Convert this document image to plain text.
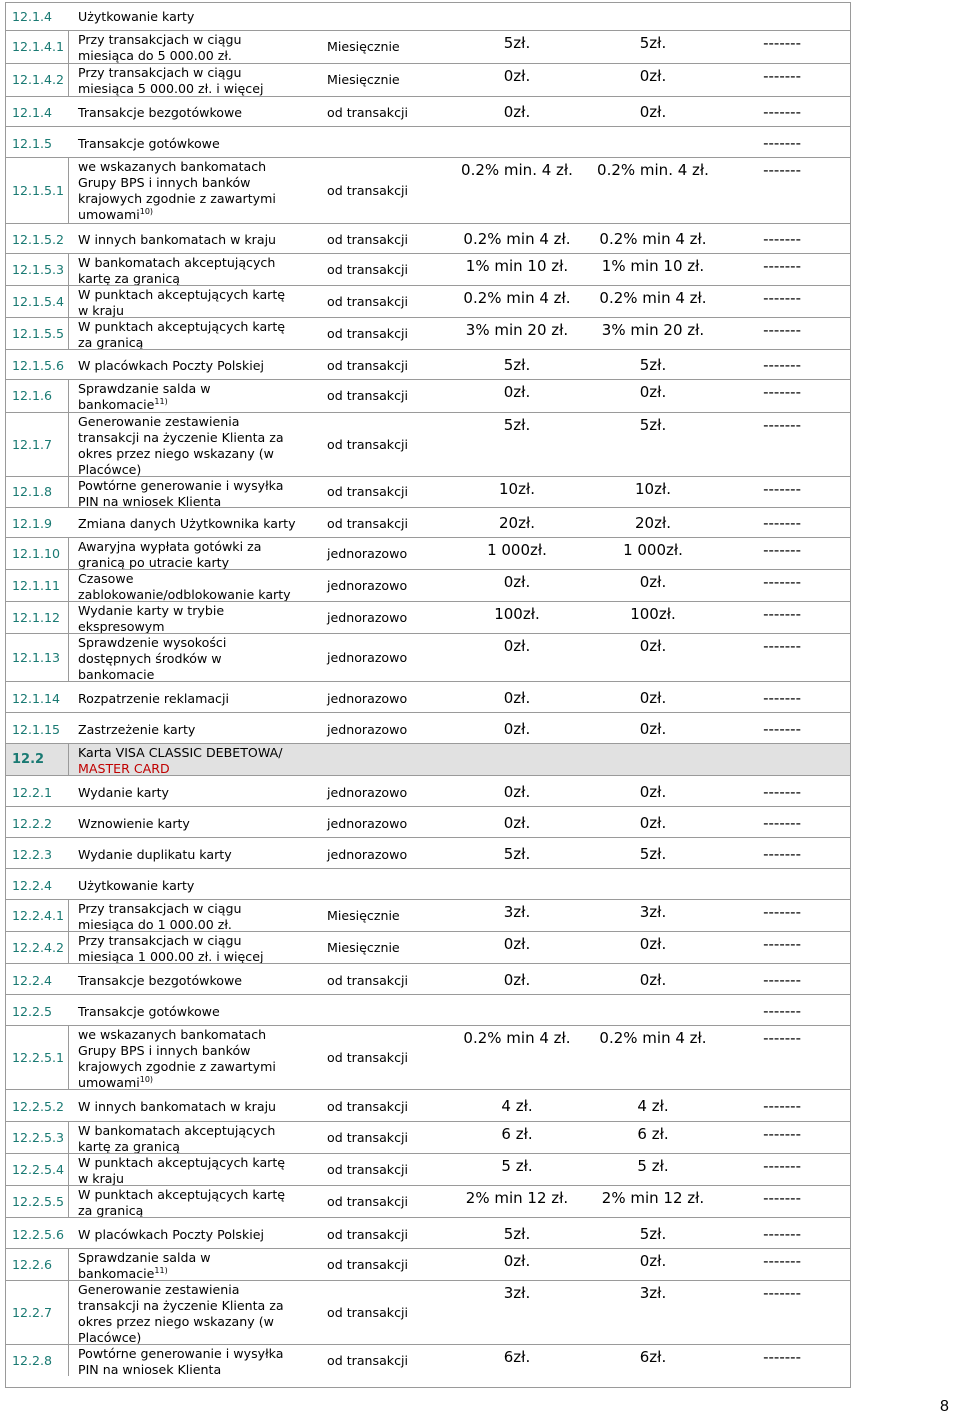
12.1.4 Użytkowanie karty
12.1.4.1 Przy transakcjach w ciągu
miesiąca do 5 000.00 zł.
Miesięcznie	5zł.	5zł.	-------
12.1.4.2 Przy transakcjach w ciągu
miesiąca 5 000.00 zł. i więcej
Miesięcznie	0zł.	0zł.	-------
12.1.4 Transakcje bezgotówkowe	od transakcji	0zł.	0zł.	-------
12.1.5 Transakcje gotówkowe	-------
12.1.5.1
we wskazanych bankomatach
Grupy BPS i innych banków
krajowych zgodnie z zawartymi
umowami$^{10)}$
od transakcji
0.2% min. 4 zł.	0.2% min. 4 zł.	-------
12.1.5.2 W innych bankomatach w kraju	od transakcji	0.2% min 4 zł.	0.2% min 4 zł.	-------
12.1.5.3 W bankomatach akceptujących
kartę za granicą
od transakcji	1% min 10 zł.	1% min 10 zł.	-------
12.1.5.4 W punktach akceptujących kartę
w kraju
od transakcji	0.2% min 4 zł.	0.2% min 4 zł.	-------
12.1.5.5 W punktach akceptujących kartę
za granicą
od transakcji	3% min 20 zł.	3% min 20 zł.	-------
12.1.5.6 W placówkach Poczty Polskiej	od transakcji	5zł.	5zł.	-------
12.1.6 Sprawdzanie salda w
bankomacie$^{11)}$	od transakcji	0zł.	0zł.	-------
12.1.7
Generowanie zestawienia
transakcji na życzenie Klienta za
okres przez niego wskazany (w
Placówce)
od transakcji
5zł.	5zł.	-------
12.1.8 Powtórne generowanie i wysyłka
PIN na wniosek Klienta
od transakcji	10zł.	10zł.	-------
12.1.9 Zmiana danych Użytkownika karty od transakcji	20zł.	20zł.	-------
12.1.10 Awaryjna wypłata gotówki za
granicą po utracie karty
jednorazowo	1 000zł.	1 000zł.	-------
12.1.11 Czasowe
zablokowanie/odblokowanie karty
jednorazowo	0zł.	0zł.	-------
12.1.12 Wydanie karty w trybie
ekspresowym
jednorazowo	100zł.	100zł.	-------
12.1.13
Sprawdzenie wysokości
dostępnych środków w
bankomacie
jednorazowo
0zł.	0zł.	-------
12.1.14 Rozpatrzenie reklamacji	jednorazowo	0zł.	0zł.	-------
12.1.15 Zastrzeżenie karty	jednorazowo	0zł.	0zł.	-------
12.2	Karta VISA CLASSIC DEBETOWA/
MASTER CARD
12.2.1 Wydanie karty	jednorazowo	0zł.	0zł.	-------
12.2.2 Wznowienie karty	jednorazowo	0zł.	0zł.	-------
12.2.3 Wydanie duplikatu karty	jednorazowo	5zł.	5zł.	-------
12.2.4 Użytkowanie karty
12.2.4.1 Przy transakcjach w ciągu
miesiąca do 1 000.00 zł.
Miesięcznie	3zł.	3zł.	-------
12.2.4.2 Przy transakcjach w ciągu
miesiąca 1 000.00 zł. i więcej
Miesięcznie	0zł.	0zł.	-------
12.2.4 Transakcje bezgotówkowe	od transakcji	0zł.	0zł.	-------
12.2.5 Transakcje gotówkowe	-------
12.2.5.1
we wskazanych bankomatach
Grupy BPS i innych banków
krajowych zgodnie z zawartymi
umowami$^{10)}$
od transakcji
0.2% min 4 zł.	0.2% min 4 zł.	-------
12.2.5.2 W innych bankomatach w kraju	od transakcji	4 zł.	4 zł.	-------
12.2.5.3 W bankomatach akceptujących
kartę za granicą
od transakcji	6 zł.	6 zł.	-------
12.2.5.4 W punktach akceptujących kartę
w kraju
od transakcji	5 zł.	5 zł.	-------
12.2.5.5 W punktach akceptujących kartę
za granicą
od transakcji	2% min 12 zł.	2% min 12 zł.	-------
12.2.5.6 W placówkach Poczty Polskiej	od transakcji	5zł.	5zł.	-------
12.2.6 Sprawdzanie salda w
bankomacie$^{11)}$	od transakcji	0zł.	0zł.	-------
12.2.7
Generowanie zestawienia
transakcji na życzenie Klienta za
okres przez niego wskazany (w
Placówce)
od transakcji
3zł.	3zł.	-------
12.2.8 Powtórne generowanie i wysyłka
PIN na wniosek Klienta
od transakcji	6zł.	6zł.	-------
8
